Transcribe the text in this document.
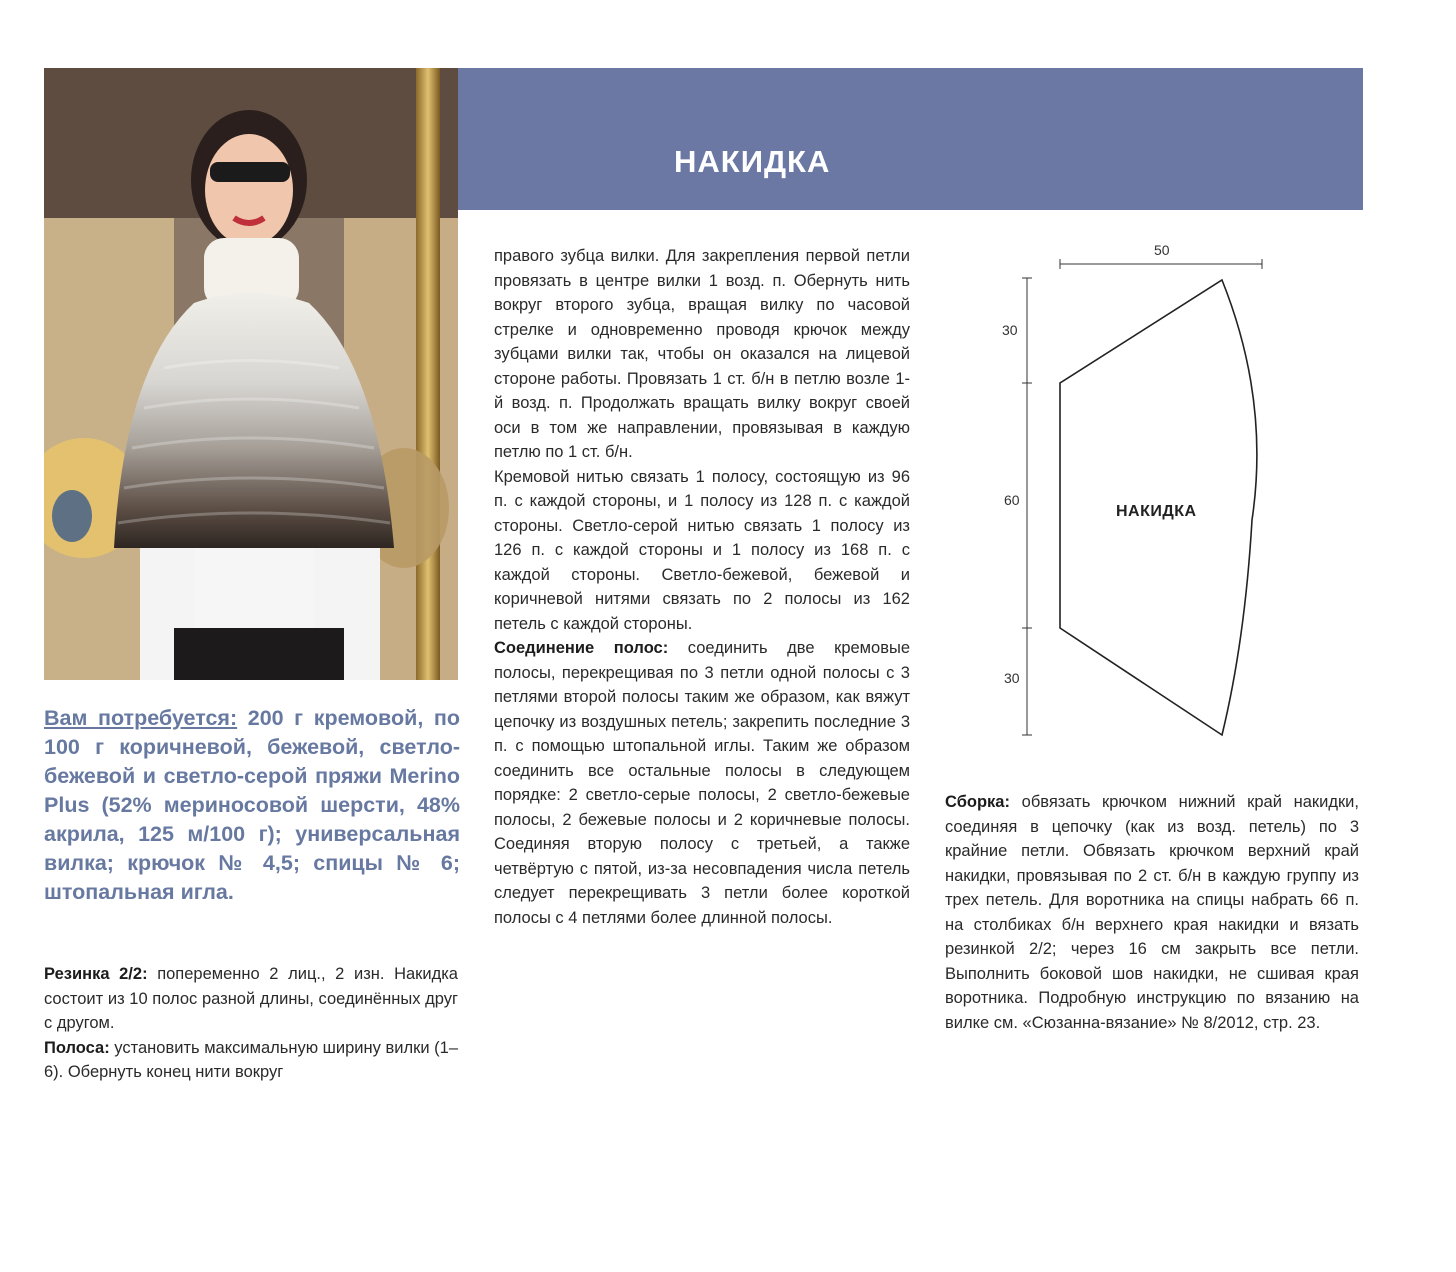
НАКИДКА
Вам потребуется: 200 г кремовой, по 100 г коричневой, бежевой, светло-бежевой и светло-серой пряжи Merino Plus (52% мериносовой шерсти, 48% акрила, 125 м/100 г); универсальная вилка; крючок № 4,5; спицы № 6; штопальная игла.

Резинка 2/2: попеременно 2 лиц., 2 изн. Накидка состоит из 10 полос разной длины, соединённых друг с другом.

Полоса: установить максимальную ширину вилки (1–6). Обернуть конец нити вокруг

правого зубца вилки. Для закрепления первой петли провязать в центре вилки 1 возд. п. Обернуть нить вокруг второго зубца, вращая вилку по часовой стрелке и одновременно проводя крючок между зубцами вилки так, чтобы он оказался на лицевой стороне работы. Провязать 1 ст. б/н в петлю возле 1-й возд. п. Продолжать вращать вилку вокруг своей оси в том же направлении, провязывая в каждую петлю по 1 ст. б/н.

Кремовой нитью связать 1 полосу, состоящую из 96 п. с каждой стороны, и 1 полосу из 128 п. с каждой стороны. Светло-серой нитью связать 1 полосу из 126 п. с каждой стороны и 1 полосу из 168 п. с каждой стороны. Светло-бежевой, бежевой и коричневой нитями связать по 2 полосы из 162 петель с каждой стороны.

Соединение полос: соединить две кремовые полосы, перекрещивая по 3 петли одной полосы с 3 петлями второй полосы таким же образом, как вяжут цепочку из воздушных петель; закрепить последние 3 п. с помощью штопальной иглы. Таким же образом соединить все остальные полосы в следующем порядке: 2 светло-серые полосы, 2 светло-бежевые полосы, 2 бежевые полосы и 2 коричневые полосы. Соединяя вторую полосу с третьей, а также четвёртую с пятой, из-за несовпадения числа петель следует перекрещивать 3 петли более короткой полосы с 4 петлями более длинной полосы.

50
30
60
30
НАКИДКА

Сборка: обвязать крючком нижний край накидки, соединяя в цепочку (как из возд. петель) по 3 крайние петли. Обвязать крючком верхний край накидки, провязывая по 2 ст. б/н в каждую группу из трех петель. Для воротника на спицы набрать 66 п. на столбиках б/н верхнего края накидки и вязать резинкой 2/2; через 16 см закрыть все петли. Выполнить боковой шов накидки, не сшивая края воротника. Подробную инструкцию по вязанию на вилке см. «Сюзанна-вязание» № 8/2012, стр. 23.
